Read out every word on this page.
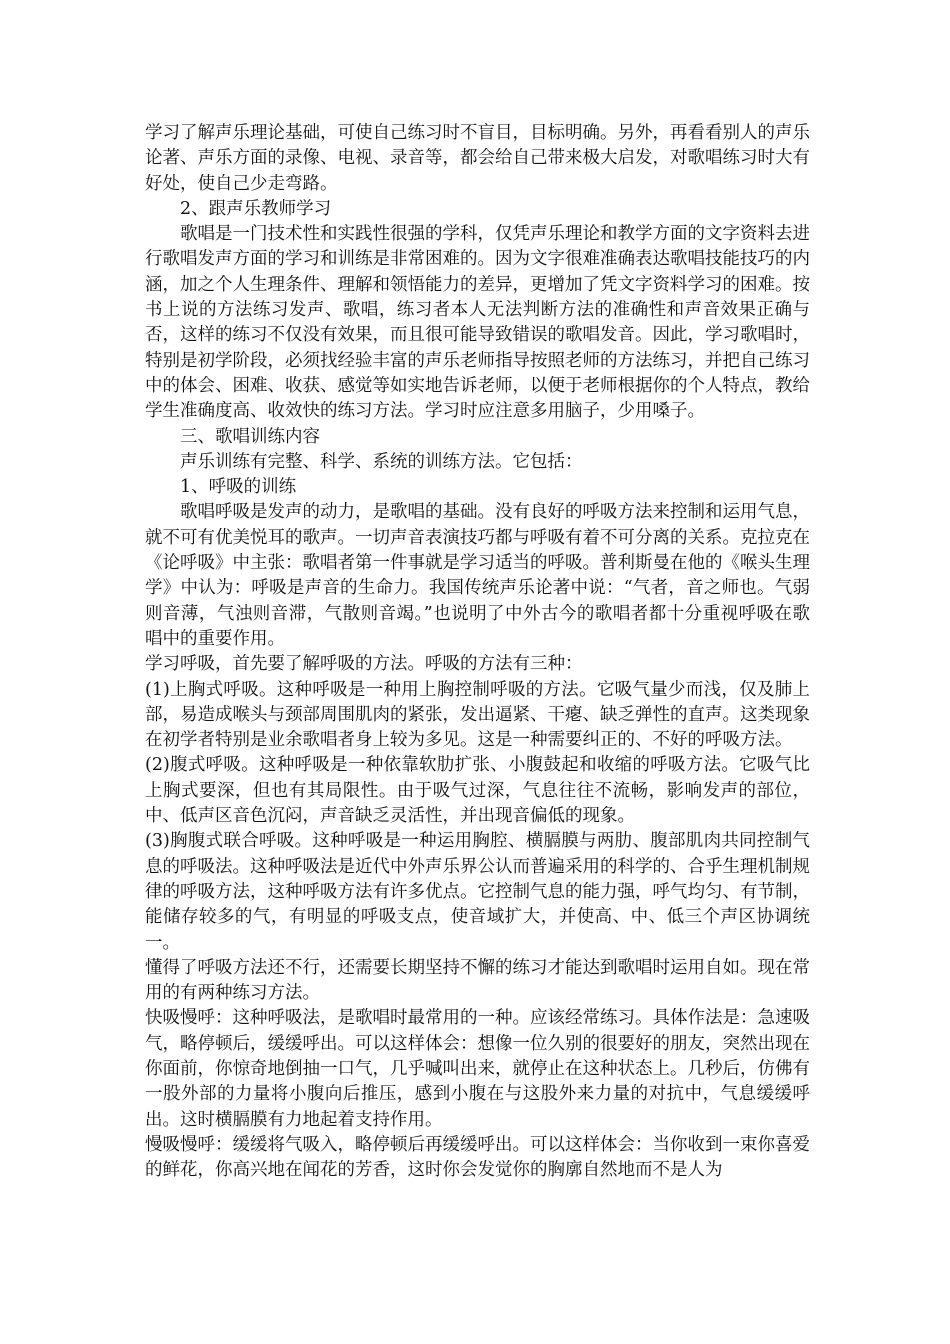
学习了解声乐理论基础，可使自己练习时不盲目，目标明确。另外，再看看别人的声乐论著、声乐方面的录像、电视、录音等，都会给自己带来极大启发，对歌唱练习时大有好处，使自己少走弯路。

2、跟声乐教师学习

歌唱是一门技术性和实践性很强的学科，仅凭声乐理论和教学方面的文字资料去进行歌唱发声方面的学习和训练是非常困难的。因为文字很难准确表达歌唱技能技巧的内涵，加之个人生理条件、理解和领悟能力的差异，更增加了凭文字资料学习的困难。按书上说的方法练习发声、歌唱，练习者本人无法判断方法的准确性和声音效果正确与否，这样的练习不仅没有效果，而且很可能导致错误的歌唱发音。因此，学习歌唱时，特别是初学阶段，必须找经验丰富的声乐老师指导按照老师的方法练习，并把自己练习中的体会、困难、收获、感觉等如实地告诉老师，以便于老师根据你的个人特点，教给学生准确度高、收效快的练习方法。学习时应注意多用脑子，少用嗓子。

三、歌唱训练内容

声乐训练有完整、科学、系统的训练方法。它包括：

1、呼吸的训练

歌唱呼吸是发声的动力，是歌唱的基础。没有良好的呼吸方法来控制和运用气息，就不可有优美悦耳的歌声。一切声音表演技巧都与呼吸有着不可分离的关系。克拉克在《论呼吸》中主张：歌唱者第一件事就是学习适当的呼吸。普利斯曼在他的《喉头生理学》中认为：呼吸是声音的生命力。我国传统声乐论著中说：“气者，音之师也。气弱则音薄，气浊则音滞，气散则音竭。”也说明了中外古今的歌唱者都十分重视呼吸在歌唱中的重要作用。

学习呼吸，首先要了解呼吸的方法。呼吸的方法有三种：

(1)上胸式呼吸。这种呼吸是一种用上胸控制呼吸的方法。它吸气量少而浅，仅及肺上部，易造成喉头与颈部周围肌肉的紧张，发出逼紧、干瘪、缺乏弹性的直声。这类现象在初学者特别是业余歌唱者身上较为多见。这是一种需要纠正的、不好的呼吸方法。

(2)腹式呼吸。这种呼吸是一种依靠软肋扩张、小腹鼓起和收缩的呼吸方法。它吸气比上胸式要深，但也有其局限性。由于吸气过深，气息往往不流畅，影响发声的部位，中、低声区音色沉闷，声音缺乏灵活性，并出现音偏低的现象。

(3)胸腹式联合呼吸。这种呼吸是一种运用胸腔、横膈膜与两肋、腹部肌肉共同控制气息的呼吸法。这种呼吸法是近代中外声乐界公认而普遍采用的科学的、合乎生理机制规律的呼吸方法，这种呼吸方法有许多优点。它控制气息的能力强，呼气均匀、有节制，能储存较多的气，有明显的呼吸支点，使音域扩大，并使高、中、低三个声区协调统一。

懂得了呼吸方法还不行，还需要长期坚持不懈的练习才能达到歌唱时运用自如。现在常用的有两种练习方法。

快吸慢呼：这种呼吸法，是歌唱时最常用的一种。应该经常练习。具体作法是：急速吸气，略停顿后，缓缓呼出。可以这样体会：想像一位久别的很要好的朋友，突然出现在你面前，你惊奇地倒抽一口气，几乎喊叫出来，就停止在这种状态上。几秒后，仿佛有一股外部的力量将小腹向后推压，感到小腹在与这股外来力量的对抗中，气息缓缓呼出。这时横膈膜有力地起着支持作用。

慢吸慢呼：缓缓将气吸入，略停顿后再缓缓呼出。可以这样体会：当你收到一束你喜爱的鲜花，你高兴地在闻花的芳香，这时你会发觉你的胸廓自然地而不是人为
